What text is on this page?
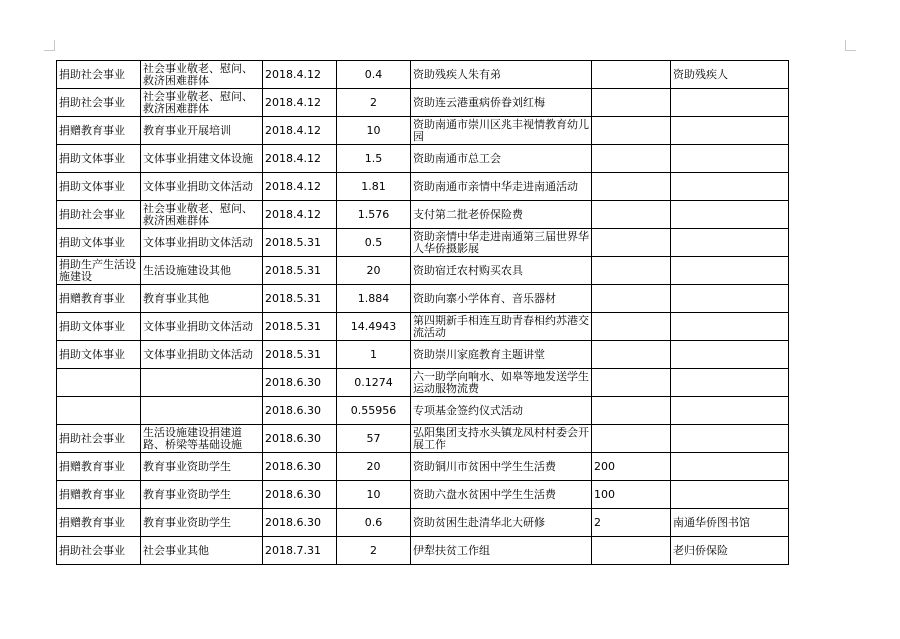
捐助社会事业	社会事业敬老、慰问、救济困难群体	2018.4.12	0.4	资助残疾人朱有弟		资助残疾人
捐助社会事业	社会事业敬老、慰问、救济困难群体	2018.4.12	2	资助连云港重病侨眷刘红梅		
捐赠教育事业	教育事业开展培训	2018.4.12	10	资助南通市崇川区兆丰视情教育幼儿园		
捐助文体事业	文体事业捐建文体设施	2018.4.12	1.5	资助南通市总工会		
捐助文体事业	文体事业捐助文体活动	2018.4.12	1.81	资助南通市亲情中华走进南通活动		
捐助社会事业	社会事业敬老、慰问、救济困难群体	2018.4.12	1.576	支付第二批老侨保险费		
捐助文体事业	文体事业捐助文体活动	2018.5.31	0.5	资助亲情中华走进南通第三届世界华人华侨摄影展		
捐助生产生活设施建设	生活设施建设其他	2018.5.31	20	资助宿迁农村购买农具		
捐赠教育事业	教育事业其他	2018.5.31	1.884	资助向寨小学体育、音乐器材		
捐助文体事业	文体事业捐助文体活动	2018.5.31	14.4943	第四期新手相连互助青春相约苏港交流活动		
捐助文体事业	文体事业捐助文体活动	2018.5.31	1	资助崇川家庭教育主题讲堂		
		2018.6.30	0.1274	六一助学向响水、如皋等地发送学生运动服物流费		
		2018.6.30	0.55956	专项基金签约仪式活动		
捐助社会事业	生活设施建设捐建道路、桥梁等基础设施	2018.6.30	57	弘阳集团支持水头镇龙凤村村委会开展工作		
捐赠教育事业	教育事业资助学生	2018.6.30	20	资助铜川市贫困中学生生活费	200	
捐赠教育事业	教育事业资助学生	2018.6.30	10	资助六盘水贫困中学生生活费	100	
捐赠教育事业	教育事业资助学生	2018.6.30	0.6	资助贫困生赴清华北大研修	2	南通华侨图书馆
捐助社会事业	社会事业其他	2018.7.31	2	伊犁扶贫工作组		老归侨保险
